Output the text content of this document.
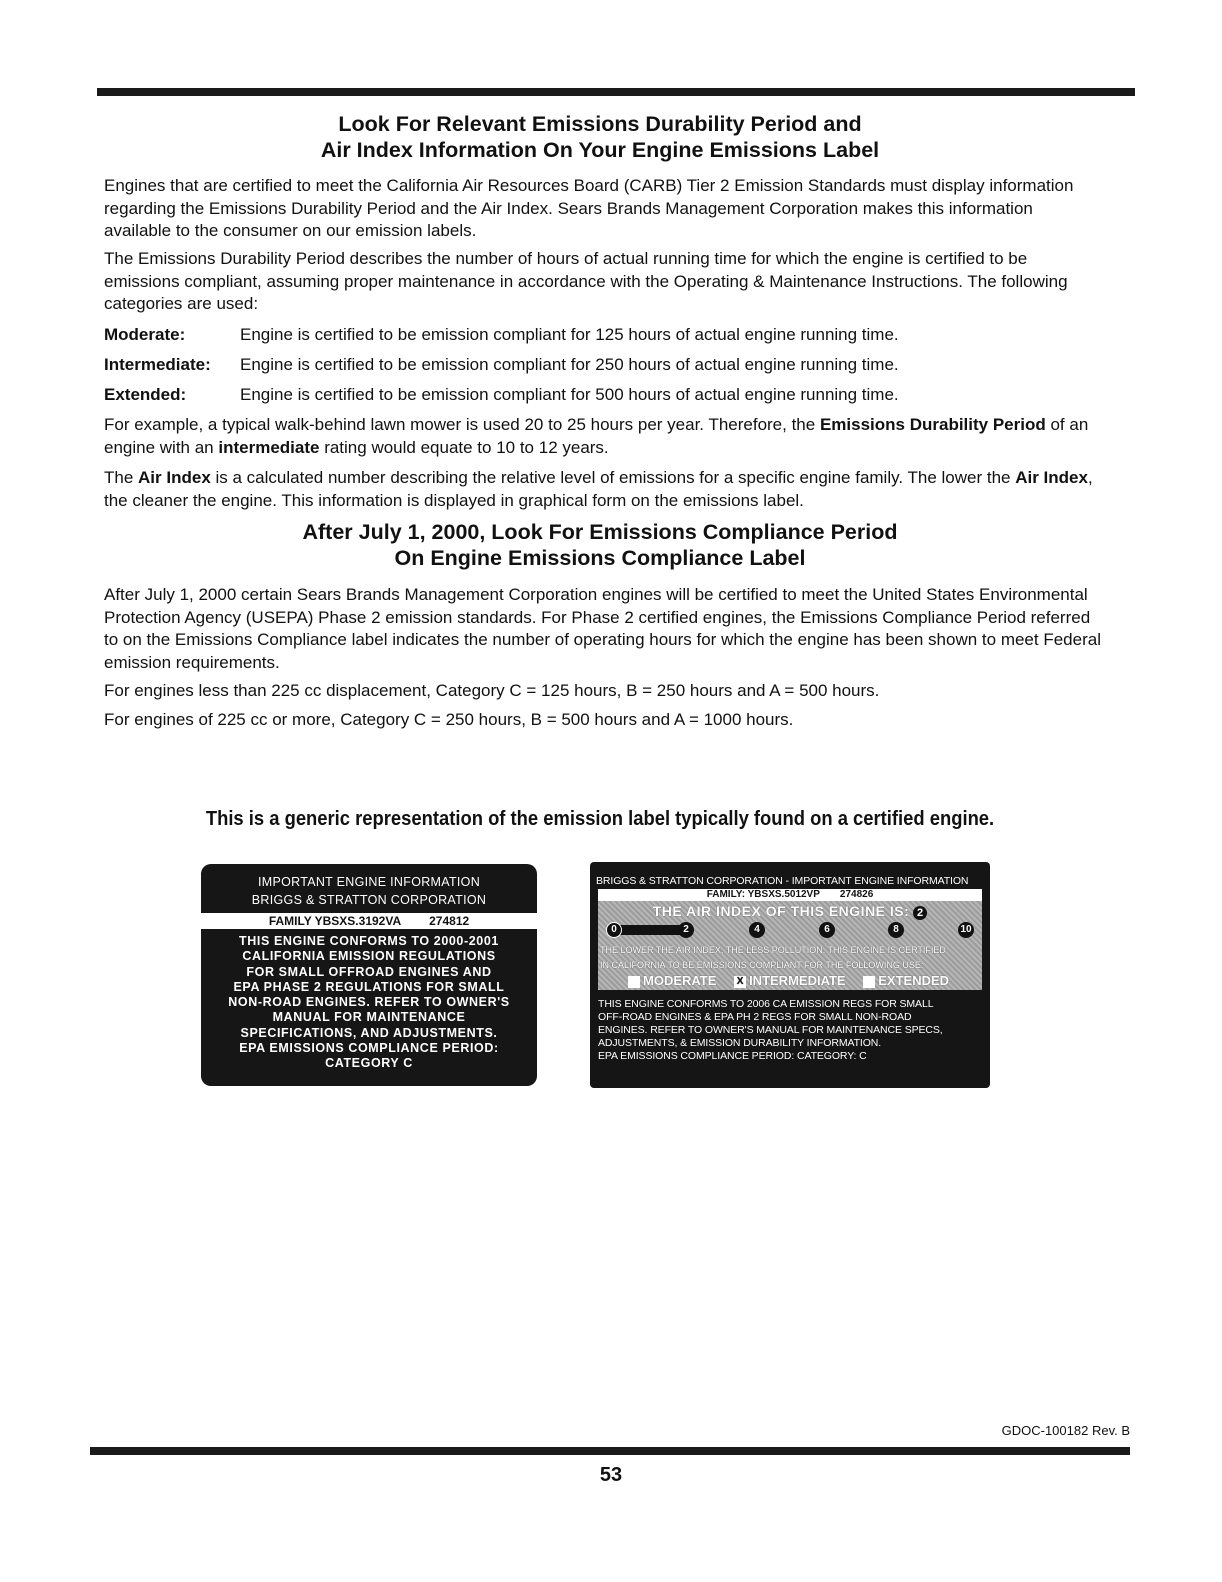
Look For Relevant Emissions Durability Period and
Air Index Information On Your Engine Emissions Label
Engines that are certified to meet the California Air Resources Board (CARB) Tier 2 Emission Standards must display information regarding the Emissions Durability Period and the Air Index. Sears Brands Management Corporation makes this information available to the consumer on our emission labels.
The Emissions Durability Period describes the number of hours of actual running time for which the engine is certified to be emissions compliant, assuming proper maintenance in accordance with the Operating & Maintenance Instructions. The following categories are used:
Moderate:	Engine is certified to be emission compliant for 125 hours of actual engine running time.
Intermediate: Engine is certified to be emission compliant for 250 hours of actual engine running time.
Extended:	Engine is certified to be emission compliant for 500 hours of actual engine running time.
For example, a typical walk-behind lawn mower is used 20 to 25 hours per year. Therefore, the Emissions Durability Period of an engine with an intermediate rating would equate to 10 to 12 years.
The Air Index is a calculated number describing the relative level of emissions for a specific engine family. The lower the Air Index, the cleaner the engine. This information is displayed in graphical form on the emissions label.
After July 1, 2000, Look For Emissions Compliance Period
On Engine Emissions Compliance Label
After July 1, 2000 certain Sears Brands Management Corporation engines will be certified to meet the United States Environmental Protection Agency (USEPA) Phase 2 emission standards. For Phase 2 certified engines, the Emissions Compliance Period referred to on the Emissions Compliance label indicates the number of operating hours for which the engine has been shown to meet Federal emission requirements.
For engines less than 225 cc displacement, Category C = 125 hours, B = 250 hours and A = 500 hours.
For engines of 225 cc or more, Category C = 250 hours, B = 500 hours and A = 1000 hours.
This is a generic representation of the emission label typically found on a certified engine.
IMPORTANT ENGINE INFORMATION
BRIGGS & STRATTON CORPORATION
FAMILY YBSXS.3192VA 274812
THIS ENGINE CONFORMS TO 2000-2001
CALIFORNIA EMISSION REGULATIONS
FOR SMALL OFFROAD ENGINES AND
EPA PHASE 2 REGULATIONS FOR SMALL
NON-ROAD ENGINES. REFER TO OWNER'S
MANUAL FOR MAINTENANCE
SPECIFICATIONS, AND ADJUSTMENTS.
EPA EMISSIONS COMPLIANCE PERIOD:
CATEGORY C
BRIGGS & STRATTON CORPORATION - IMPORTANT ENGINE INFORMATION
FAMILY: YBSXS.5012VP 274826
THE AIR INDEX OF THIS ENGINE IS: 2
0	2	4	6	8	10
THE LOWER THE AIR INDEX, THE LESS POLLUTION. THIS ENGINE IS CERTIFIED
IN CALIFORNIA TO BE EMISSIONS COMPLIANT FOR THE FOLLOWING USE:
MODERATE X INTERMEDIATE	EXTENDED
THIS ENGINE CONFORMS TO 2006 CA EMISSION REGS FOR SMALL
OFF-ROAD ENGINES & EPA PH 2 REGS FOR SMALL NON-ROAD
ENGINES. REFER TO OWNER'S MANUAL FOR MAINTENANCE SPECS,
ADJUSTMENTS, & EMISSION DURABILITY INFORMATION.
EPA EMISSIONS COMPLIANCE PERIOD: CATEGORY: C
GDOC-100182 Rev. B
53
